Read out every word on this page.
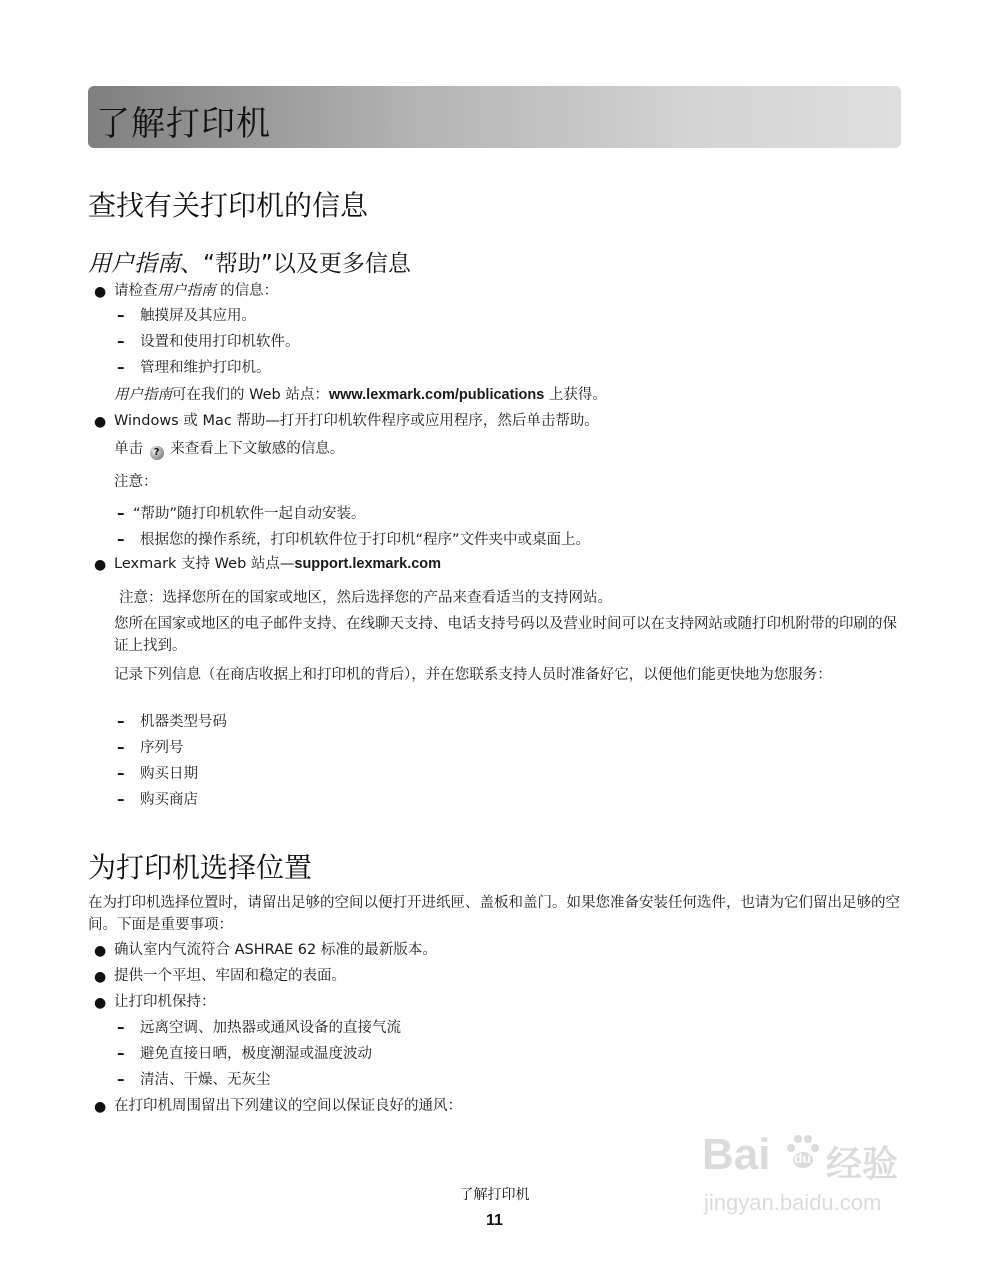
了解打印机
查找有关打印机的信息
用户指南、“帮助”以及更多信息
● 请检查用户指南 的信息：
– 触摸屏及其应用。
– 设置和使用打印机软件。
– 管理和维护打印机。
用户指南可在我们的 Web 站点：www.lexmark.com/publications 上获得。
● Windows 或 Mac 帮助—打开打印机软件程序或应用程序，然后单击帮助。
单击 ? 来查看上下文敏感的信息。
注意：
– “帮助”随打印机软件一起自动安装。
– 根据您的操作系统，打印机软件位于打印机“程序”文件夹中或桌面上。
● Lexmark 支持 Web 站点—support.lexmark.com
注意：选择您所在的国家或地区，然后选择您的产品来查看适当的支持网站。
您所在国家或地区的电子邮件支持、在线聊天支持、电话支持号码以及营业时间可以在支持网站或随打印机附带的印刷的保证上找到。
记录下列信息（在商店收据上和打印机的背后），并在您联系支持人员时准备好它，以便他们能更快地为您服务：
– 机器类型号码
– 序列号
– 购买日期
– 购买商店
为打印机选择位置
在为打印机选择位置时，请留出足够的空间以便打开进纸匣、盖板和盖门。如果您准备安装任何选件，也请为它们留出足够的空间。下面是重要事项：
● 确认室内气流符合 ASHRAE 62 标准的最新版本。
● 提供一个平坦、牢固和稳定的表面。
● 让打印机保持：
– 远离空调、加热器或通风设备的直接气流
– 避免直接日晒，极度潮湿或温度波动
– 清洁、干燥、无灰尘
● 在打印机周围留出下列建议的空间以保证良好的通风：
了解打印机
11
Bai du 经验
jingyan.baidu.com
